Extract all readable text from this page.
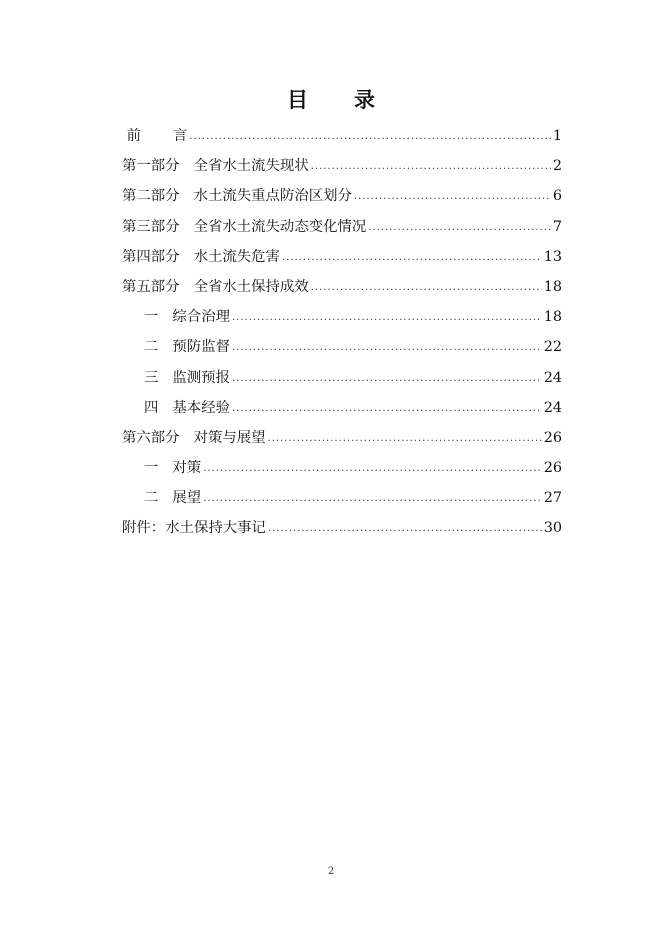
目 录
前 言 .....	1
第一部分 全省水土流失现状 .....	2
第二部分 水土流失重点防治区划分 .....	6
第三部分 全省水土流失动态变化情况 .....	7
第四部分 水土流失危害 .....	13
第五部分 全省水土保持成效 .....	18
一 综合治理 .....	18
二 预防监督 .....	22
三 监测预报 .....	24
四 基本经验 .....	24
第六部分 对策与展望 .....	26
一 对策 .....	26
二 展望 .....	27
附件：水土保持大事记 .....	30
2
